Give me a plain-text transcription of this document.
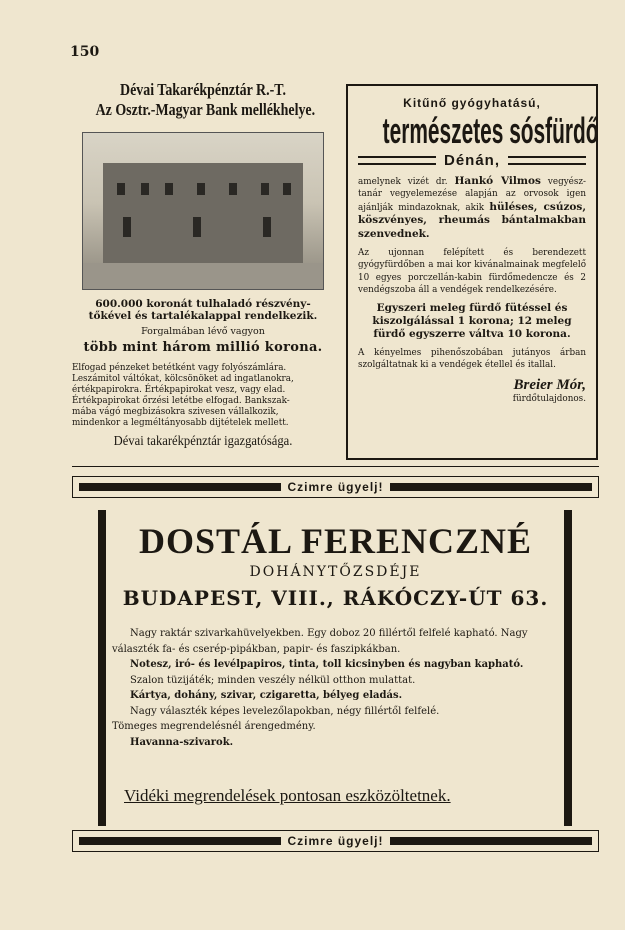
150
Dévai Takarékpénztár R.-T.
Az Osztr.-Magyar Bank mellékhelye.
600.000 koronát tulhaladó részvény-
tőkével és tartalékalappal rendelkezik.
Forgalmában lévő vagyon
több mint három millió korona.
Elfogad pénzeket betétként vagy folyószámlára.
Leszámitol váltókat, kölcsönöket ad ingatlanokra,
értékpapirokra. Értékpapirokat vesz, vagy elad.
Értékpapirokat őrzési letétbe elfogad. Bankszak-
mába vágó megbizásokra szivesen vállalkozik,
mindenkor a legméltányosabb dijtételek mellett.
Dévai takarékpénztár igazgatósága.
Kitűnő gyógyhatású,
természetes sósfürdő
Dénán,
amelynek vizét dr. Hankó Vilmos vegyész-tanár vegyelemezése alapján az orvosok igen ajánlják mindazoknak, akik hüléses, csúzos, köszvényes, rheumás bántalmakban szenvednek.
Az ujonnan felépített és berendezett gyógyfürdőben a mai kor kivánalmainak megfelelő 10 egyes porczellán-kabin fürdőmedencze és 2 vendégszoba áll a vendégek rendelkezésére.
Egyszeri meleg fürdő fütéssel és kiszolgálással 1 korona; 12 meleg fürdő egyszerre váltva 10 korona.
A kényelmes pihenőszobában jutányos árban szolgáltatnak ki a vendégek étellel és itallal.
Breier Mór,
fürdőtulajdonos.
Czimre ügyelj!
DOSTÁL FERENCZNÉ
DOHÁNYTŐZSDÉJE
BUDAPEST, VIII., RÁKÓCZY-ÚT 63.

Nagy raktár szivarkahüvelyekben. Egy doboz 20 fillértől felfelé kapható. Nagy választék fa- és cserép-pipákban, papir- és faszipkákban.

Notesz, iró- és levélpapiros, tinta, toll kicsinyben és nagyban kapható.

Szalon tüzijáték; minden veszély nélkül otthon mulattat.

Kártya, dohány, szivar, czigaretta, bélyeg eladás.

Nagy választék képes levelezőlapokban, négy fillértől felfelé.

Tömeges megrendelésnél árengedmény.

Havanna-szivarok.

Vidéki megrendelések pontosan eszközöltetnek.
Czimre ügyelj!
